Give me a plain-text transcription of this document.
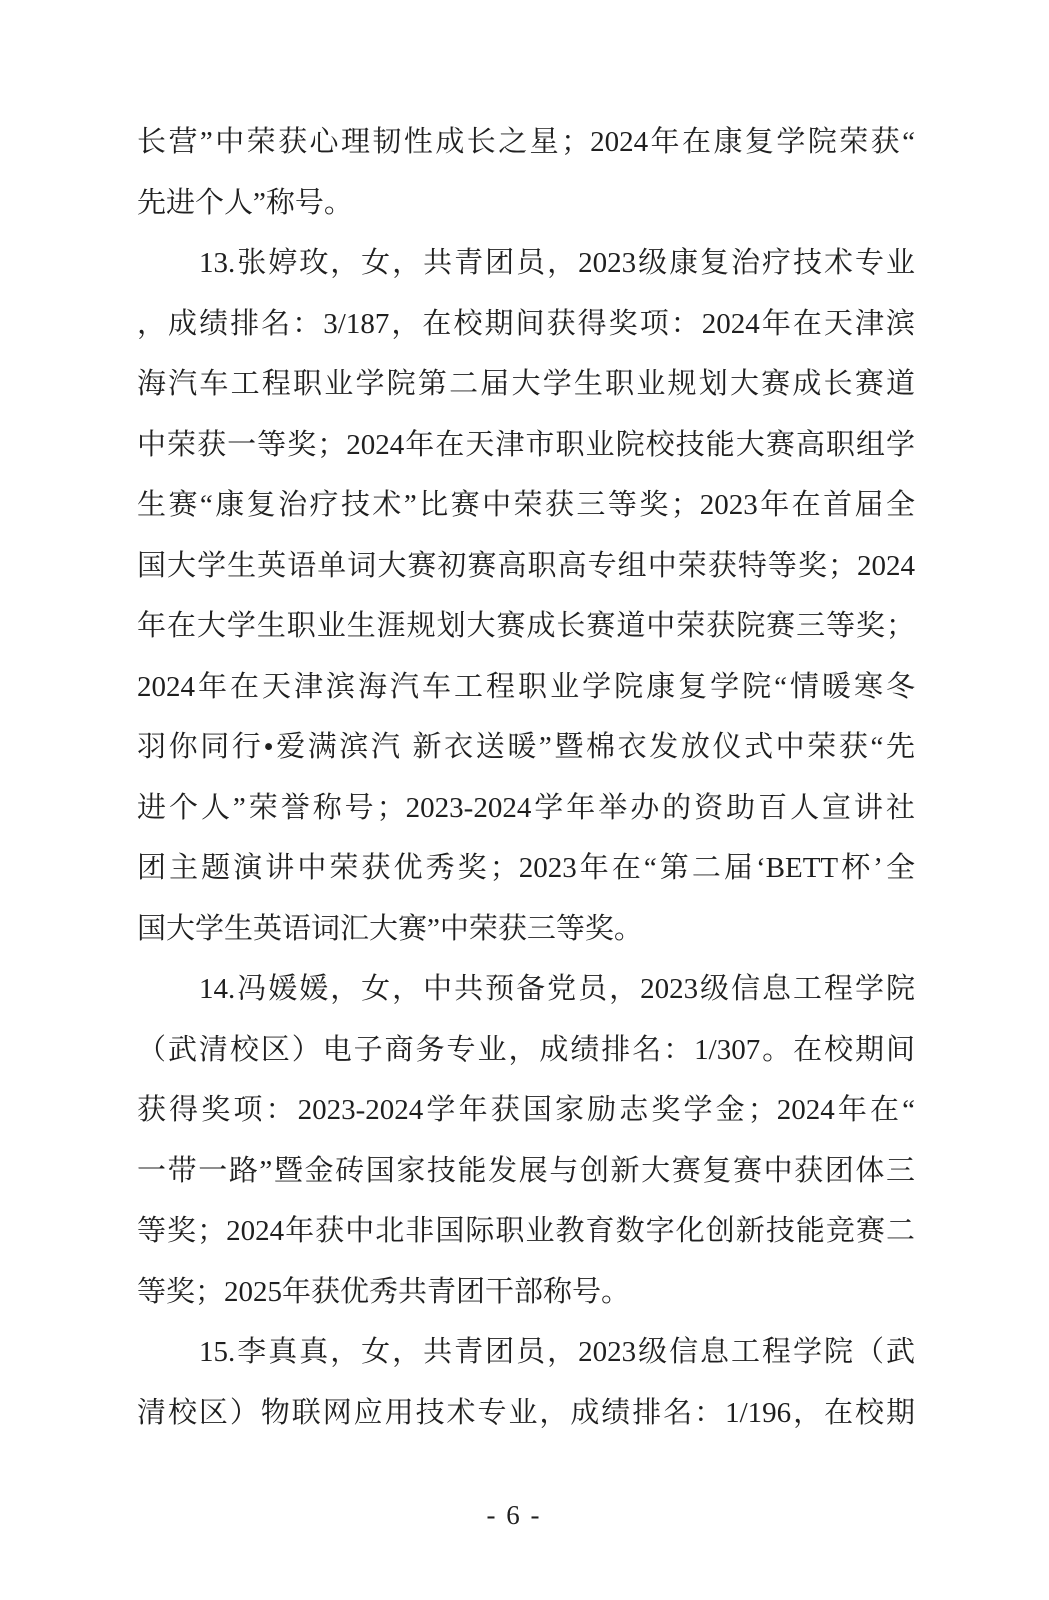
长营”中荣获心理韧性成长之星；2024年在康复学院荣获“
先进个人”称号。
13.张婷玫，女，共青团员，2023级康复治疗技术专业
，成绩排名：3/187，在校期间获得奖项：2024年在天津滨
海汽车工程职业学院第二届大学生职业规划大赛成长赛道
中荣获一等奖；2024年在天津市职业院校技能大赛高职组学
生赛“康复治疗技术”比赛中荣获三等奖；2023年在首届全
国大学生英语单词大赛初赛高职高专组中荣获特等奖；2024
年在大学生职业生涯规划大赛成长赛道中荣获院赛三等奖；
2024年在天津滨海汽车工程职业学院康复学院“情暖寒冬
羽你同行•爱满滨汽 新衣送暖”暨棉衣发放仪式中荣获“先
进个人”荣誉称号；2023-2024学年举办的资助百人宣讲社
团主题演讲中荣获优秀奖；2023年在“第二届‘BETT杯’全
国大学生英语词汇大赛”中荣获三等奖。
14.冯媛媛，女，中共预备党员，2023级信息工程学院
（武清校区）电子商务专业，成绩排名：1/307。在校期间
获得奖项：2023-2024学年获国家励志奖学金；2024年在“
一带一路”暨金砖国家技能发展与创新大赛复赛中获团体三
等奖；2024年获中北非国际职业教育数字化创新技能竞赛二
等奖；2025年获优秀共青团干部称号。
15.李真真，女，共青团员，2023级信息工程学院（武
清校区）物联网应用技术专业，成绩排名：1/196，在校期
- 6 -
